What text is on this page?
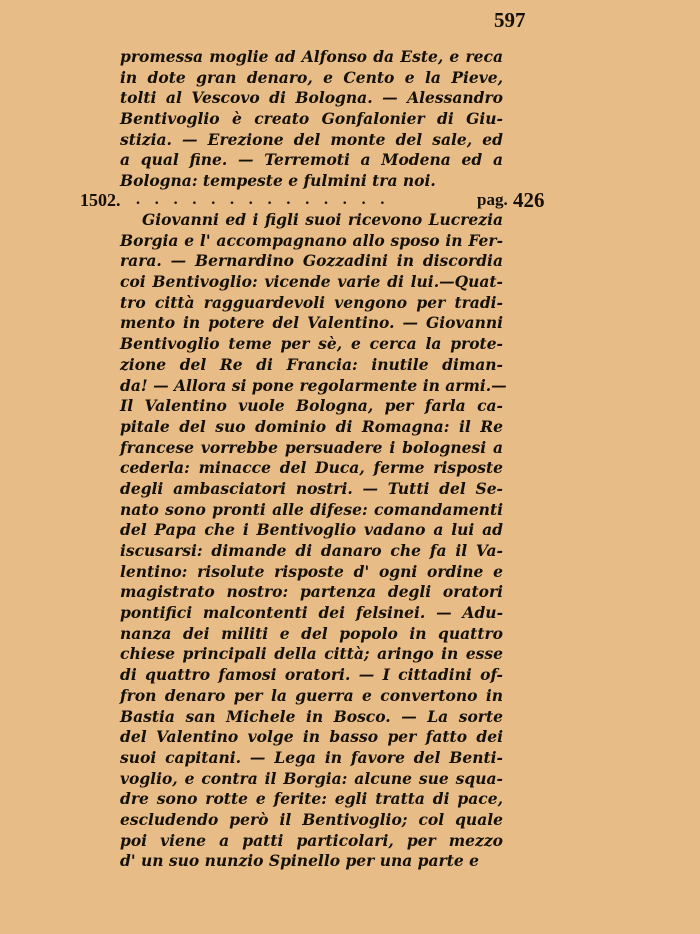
597
promessa moglie ad Alfonso da Este, e reca
in dote gran denaro, e Cento e la Pieve,
tolti al Vescovo di Bologna. — Alessandro
Bentivoglio è creato Gonfalonier di Giu-
stizia. — Erezione del monte del sale, ed
a qual fine. — Terremoti a Modena ed a
Bologna: tempeste e fulmini tra noi.
1502. . . . . . . . . . . . . . .	pag. 426
Giovanni ed i figli suoi ricevono Lucrezia
Borgia e l' accompagnano allo sposo in Fer-
rara. — Bernardino Gozzadini in discordia
coi Bentivoglio: vicende varie di lui.—Quat-
tro città ragguardevoli vengono per tradi-
mento in potere del Valentino. — Giovanni
Bentivoglio teme per sè, e cerca la prote-
zione del Re di Francia: inutile diman-
da! — Allora si pone regolarmente in armi.—
Il Valentino vuole Bologna, per farla ca-
pitale del suo dominio di Romagna: il Re
francese vorrebbe persuadere i bolognesi a
cederla: minacce del Duca, ferme risposte
degli ambasciatori nostri. — Tutti del Se-
nato sono pronti alle difese: comandamenti
del Papa che i Bentivoglio vadano a lui ad
iscusarsi: dimande di danaro che fa il Va-
lentino: risolute risposte d' ogni ordine e
magistrato nostro: partenza degli oratori
pontifici malcontenti dei felsinei. — Adu-
nanza dei militi e del popolo in quattro
chiese principali della città; aringo in esse
di quattro famosi oratori. — I cittadini of-
fron denaro per la guerra e convertono in
Bastia san Michele in Bosco. — La sorte
del Valentino volge in basso per fatto dei
suoi capitani. — Lega in favore del Benti-
voglio, e contra il Borgia: alcune sue squa-
dre sono rotte e ferite: egli tratta di pace,
escludendo però il Bentivoglio; col quale
poi viene a patti particolari, per mezzo
d' un suo nunzio Spinello per una parte e
